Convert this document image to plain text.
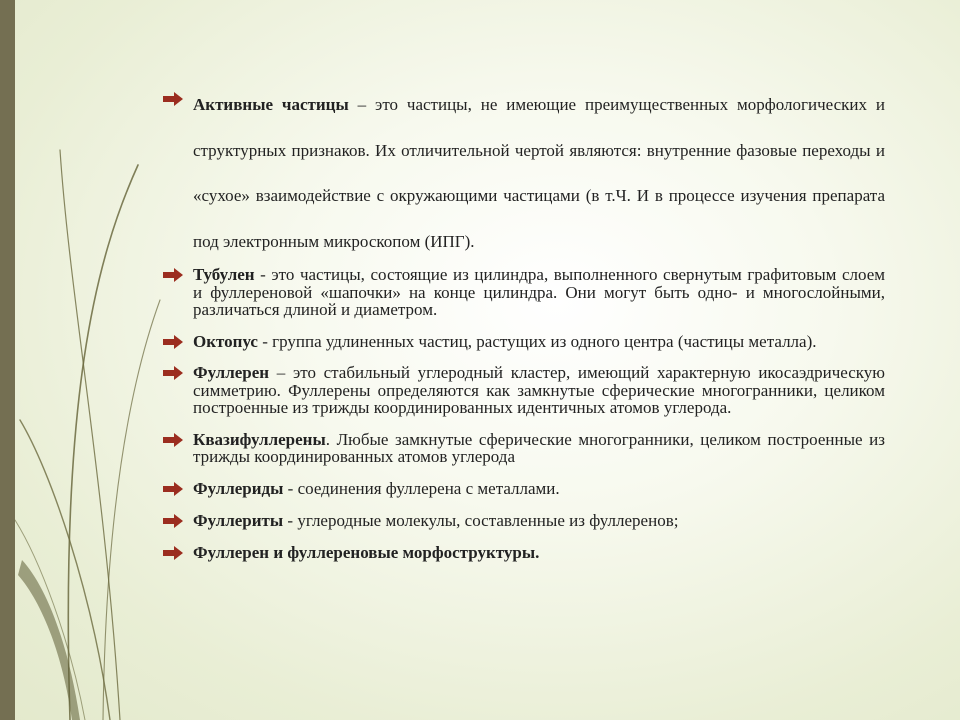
Активные частицы – это частицы, не имеющие преимущественных морфологических и структурных признаков. Их отличительной чертой являются: внутренние фазовые переходы и «сухое» взаимодействие с окружающими частицами (в т.Ч. И в процессе изучения препарата под электронным микроскопом (ИПГ).
Тубулен - это частицы, состоящие из цилиндра, выполненного свернутым графитовым слоем и фуллереновой «шапочки» на конце цилиндра. Они могут быть одно- и многослойными, различаться длиной и диаметром.
Октопус - группа удлиненных частиц, растущих из одного центра (частицы металла).
Фуллерен – это стабильный углеродный кластер, имеющий характерную икосаэдрическую симметрию. Фуллерены определяются как замкнутые сферические многогранники, целиком построенные из трижды координированных идентичных атомов углерода.
Квазифуллерены. Любые замкнутые сферические многогранники, целиком построенные из трижды координированных атомов углерода
Фуллериды - соединения фуллерена с металлами.
Фуллериты - углеродные молекулы, составленные из фуллеренов;
Фуллерен и фуллереновые морфоструктуры.
